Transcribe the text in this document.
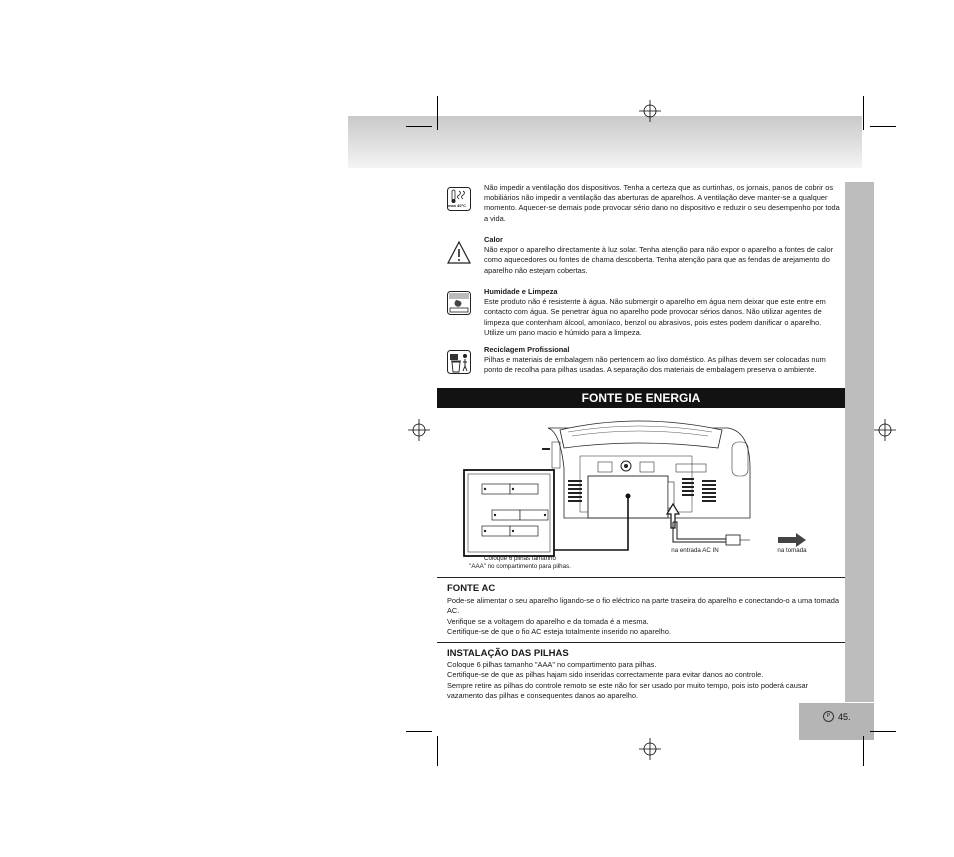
P 45.
max 40°C
Não impedir a ventilação dos dispositivos. Tenha a certeza que as curtinhas, os jornais, panos de cobrir os mobiliários não impedir a ventilação das aberturas de aparelhos. A ventilação deve manter-se a qualquer momento. Aquecer-se demais pode provocar sério dano no dispositivo e reduzir o seu desempenho por toda a vida.
Calor
Não expor o aparelho directamente à luz solar. Tenha atenção para não expor o aparelho a fontes de calor como aquecedores ou fontes de chama descoberta. Tenha atenção para que as fendas de arejamento do aparelho não estejam cobertas.
Humidade e Limpeza
Este produto não é resistente à água. Não submergir o aparelho em água nem deixar que este entre em contacto com água. Se penetrar água no aparelho pode provocar sérios danos. Não utilizar agentes de limpeza que contenham álcool, amoníaco, benzol ou abrasivos, pois estes podem danificar o aparelho. Utilize um pano macio e húmido para a limpeza.
Reciclagem Profissional
Pilhas e materiais de embalagem não pertencem ao lixo doméstico. As pilhas devem ser colocadas num ponto de recolha para pilhas usadas. A separação dos materiais de embalagem preserva o ambiente.
FONTE DE ENERGIA
Coloque 6 pilhas tamanho
"AAA" no compartimento para pilhas.
na entrada AC IN	na tomada
FONTE AC
Pode-se alimentar o seu aparelho ligando-se o fio eléctrico na parte traseira do aparelho e conectando-o a uma tomada AC.
Verifique se a voltagem do aparelho e da tomada é a mesma.
Certifique-se de que o fio AC esteja totalmente inserido no aparelho.
INSTALAÇÃO DAS PILHAS
Coloque 6 pilhas tamanho "AAA" no compartimento para pilhas.
Certifique-se de que as pilhas hajam sido inseridas correctamente para evitar danos ao controle.
Sempre retire as pilhas do controle remoto se este não for ser usado por muito tempo, pois isto poderá causar vazamento das pilhas e consequentes danos ao aparelho.
